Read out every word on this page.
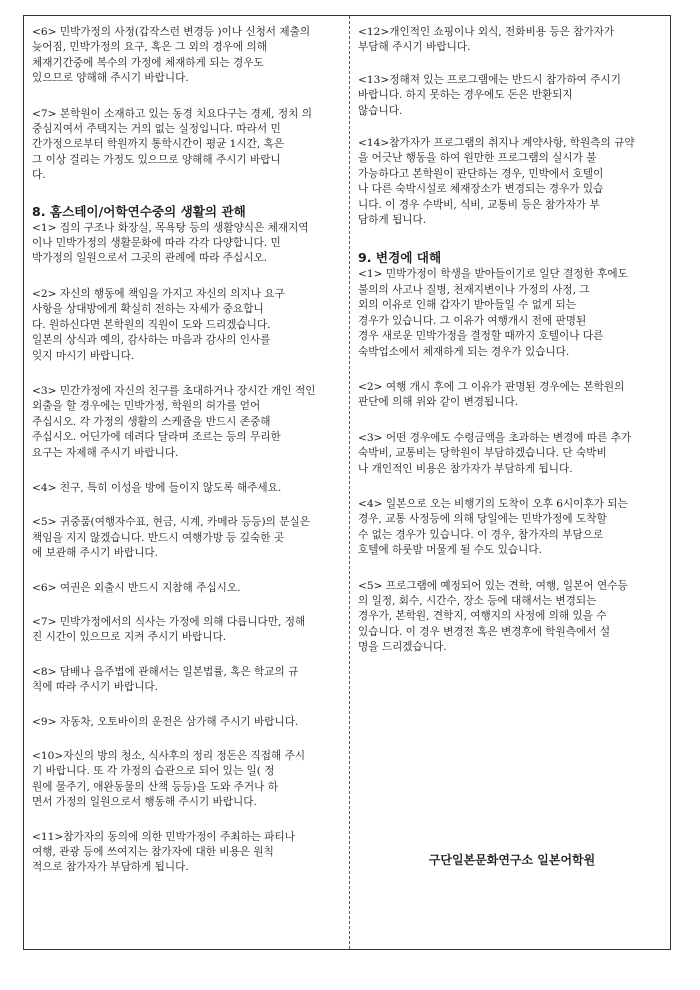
<6> 민박가정의 사정(갑작스런 변경등 )이나 신청서 제출의
늦어짐, 민박가정의 요구, 혹은 그 외의 경우에 의해
체재기간중에 복수의 가정에 체재하게 되는 경우도
있으므로 양해해 주시기 바랍니다.

<7> 본학원이 소재하고 있는 동경 치요다구는 경제, 정치 의
중심지여서 주택지는 거의 없는 실정입니다. 따라서 민
간가정으로부터 학원까지 통학시간이 평균 1시간, 혹은
그 이상 걸리는 가정도 있으므로 양해해 주시기 바랍니
다.

8. 홈스테이/어학연수중의 생활의 관해

<1> 집의 구조나 화장실, 목욕탕 등의 생활양식은 체재지역
이나 민박가정의 생활문화에 따라 각각 다양합니다. 민
박가정의 일원으로서 그곳의 관례에 따라 주십시오.

<2> 자신의 행동에 책임을 가지고 자신의 의지나 요구
사항을 상대방에게 확실히 전하는 자세가 중요합니
다. 원하신다면 본학원의 직원이 도와 드리겠습니다.
일본의 상식과 예의, 감사하는 마음과 감사의 인사를
잊지 마시기 바랍니다.

<3> 민간가정에 자신의 친구를 초대하거나 장시간 개인 적인
외출을 할 경우에는 민박가정, 학원의 허가를 얻어
주십시오. 각 가정의 생활의 스케쥴을 반드시 존중해
주십시오. 어딘가에 데려다 달라며 조르는 등의 무리한
요구는 자제해 주시기 바랍니다.

<4> 친구, 특히 이성을 방에 들이지 않도록 해주세요.

<5> 귀중품(여행자수표, 현금, 시계, 카메라 등등)의 분실은
책임을 지지 않겠습니다. 반드시 여행가방 등 깊숙한 곳
에 보관해 주시기 바랍니다.

<6> 여권은 외출시 반드시 지참해 주십시오.

<7> 민박가정에서의 식사는 가정에 의해 다릅니다만, 정해
진 시간이 있으므로 지켜 주시기 바랍니다.

<8> 담배나 음주법에 관해서는 일본법률, 혹은 학교의 규
칙에 따라 주시기 바랍니다.

<9> 자동차, 오토바이의 운전은 삼가해 주시기 바랍니다.

<10>자신의 방의 청소, 식사후의 정리 정돈은 직접해 주시
기 바랍니다. 또 각 가정의 습관으로 되어 있는 일( 정
원에 물주기, 애완동물의 산책 등등)을 도와 주거나 하
면서 가정의 일원으로서 행동해 주시기 바랍니다.

<11>참가자의 동의에 의한 민박가정이 주최하는 파티나
여행, 관광 등에 쓰여지는 참가자에 대한 비용은 원칙
적으로 참가자가 부담하게 됩니다.

<12>개인적인 쇼핑이나 외식, 전화비용 등은 참가자가
부담해 주시기 바랍니다.

<13>정해져 있는 프로그램에는 반드시 참가하여 주시기
바랍니다. 하지 못하는 경우에도 돈은 반환되지
않습니다.

<14>참가자가 프로그램의 취지나 계약사항, 학원측의 규약
을 어긋난 행동을 하여 원만한 프로그램의 실시가 불
가능하다고 본학원이 판단하는 경우, 민박에서 호텔이
나 다른 숙박시설로 체재장소가 변경되는 경우가 있습
니다. 이 경우 수박비, 식비, 교통비 등은 참가자가 부
담하게 됩니다.

9. 변경에 대해

<1> 민박가정이 학생을 받아들이기로 일단 결정한 후에도
불의의 사고나 질병, 천재지변이나 가정의 사정, 그
외의 이유로 인해 갑자기 받아들일 수 없게 되는
경우가 있습니다. 그 이유가 여행개시 전에 판명된
경우 새로운 민박가정을 결정할 때까지 호텔이나 다른
숙박업소에서 체재하게 되는 경우가 있습니다.

<2> 여행 개시 후에 그 이유가 판명된 경우에는 본학원의
판단에 의해 위와 같이 변경됩니다.

<3> 어떤 경우에도 수령금액을 초과하는 변경에 따른 추가
숙박비, 교통비는 당학원이 부담하겠습니다. 단 숙박비
나 개인적인 비용은 참가자가 부담하게 됩니다.

<4> 일본으로 오는 비행기의 도착이 오후 6시이후가 되는
경우, 교통 사정등에 의해 당일에는 민박가정에 도착할
수 없는 경우가 있습니다. 이 경우, 참가자의 부담으로
호텔에 하룻밤 머물게 될 수도 있습니다.

<5> 프로그램에 예정되어 있는 견학, 여행, 일본어 연수등
의 일정, 회수, 시간수, 장소 등에 대해서는 변경되는
경우가, 본학원, 견학지, 여행지의 사정에 의해 있을 수
있습니다. 이 경우 변경전 혹은 변경후에 학원측에서 설
명을 드리겠습니다.

구단일본문화연구소 일본어학원
